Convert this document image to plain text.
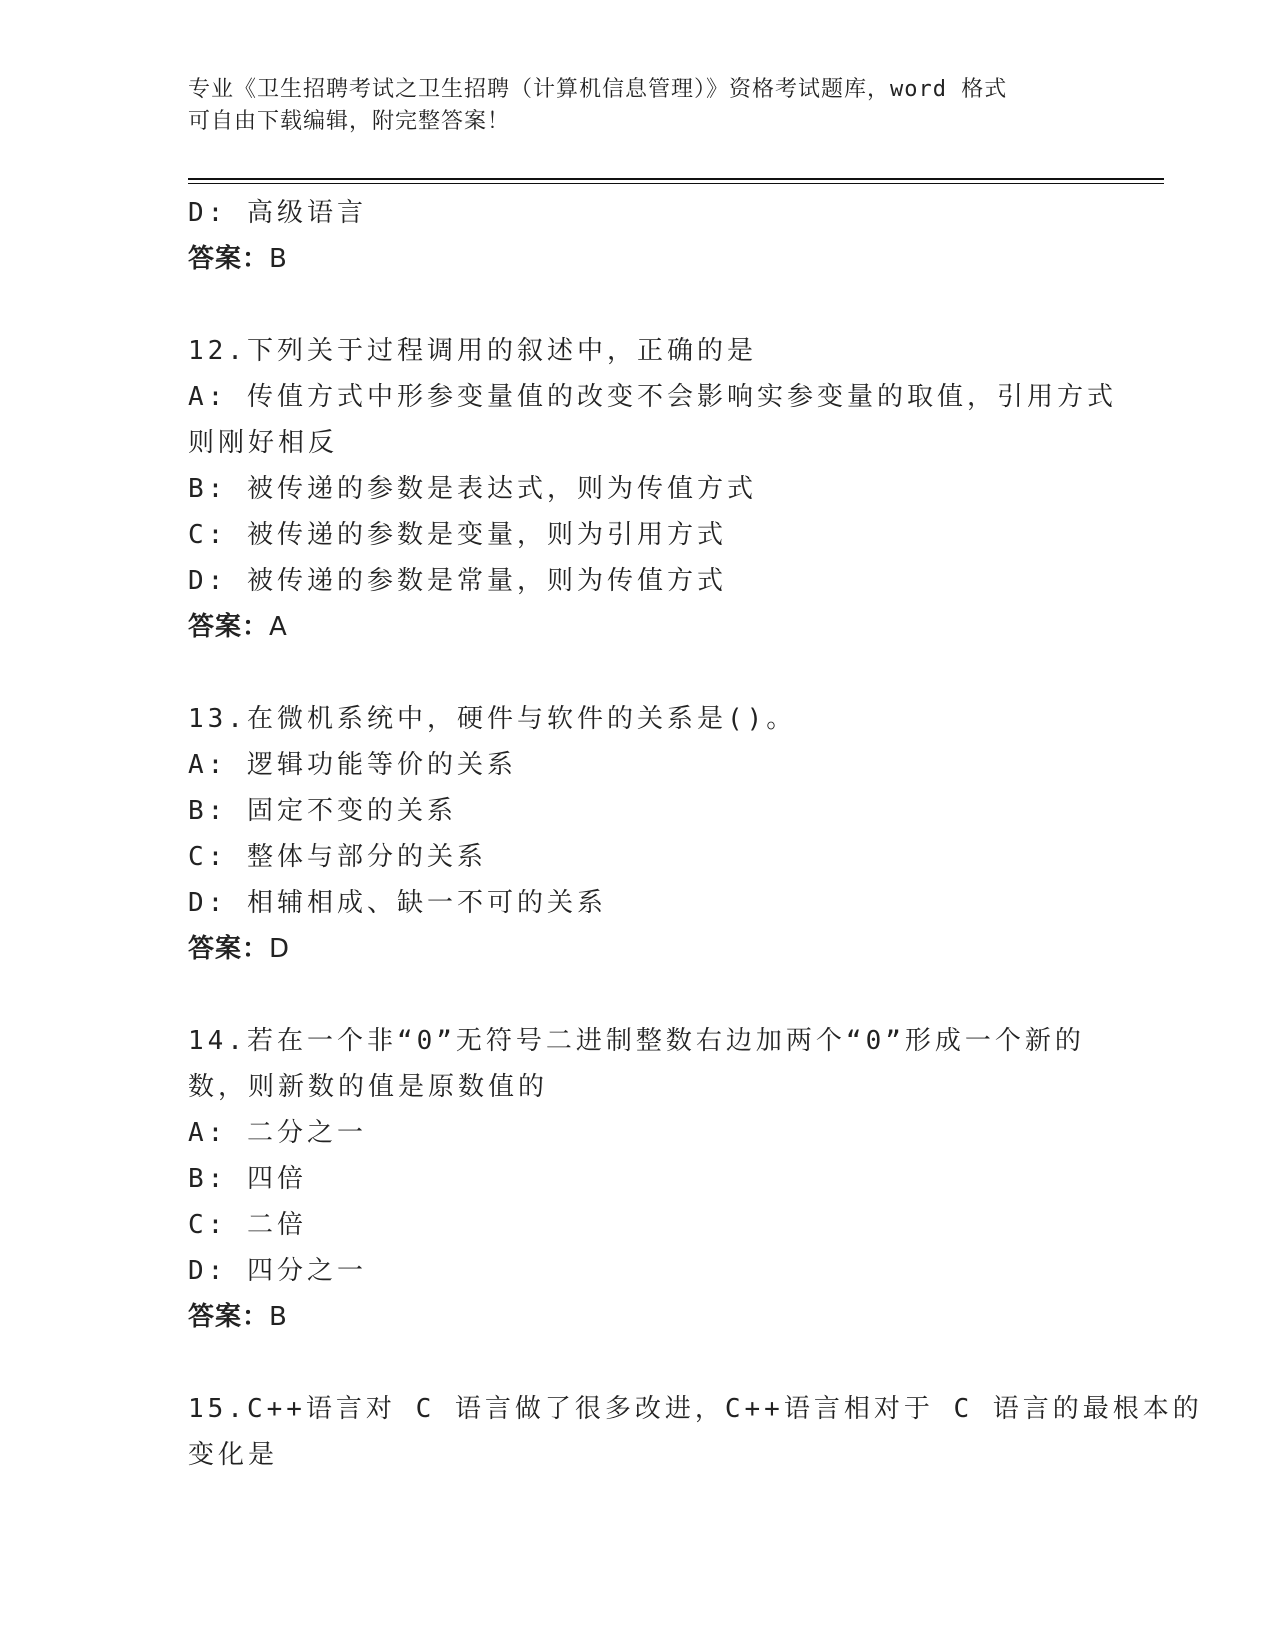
专业《卫生招聘考试之卫生招聘（计算机信息管理）》资格考试题库，word 格式
可自由下载编辑，附完整答案！
D: 高级语言
答案：B
12.下列关于过程调用的叙述中，正确的是
A: 传值方式中形参变量值的改变不会影响实参变量的取值，引用方式
则刚好相反
B: 被传递的参数是表达式，则为传值方式
C: 被传递的参数是变量，则为引用方式
D: 被传递的参数是常量，则为传值方式
答案：A
13.在微机系统中，硬件与软件的关系是()。
A: 逻辑功能等价的关系
B: 固定不变的关系
C: 整体与部分的关系
D: 相辅相成、缺一不可的关系
答案：D
14.若在一个非“0”无符号二进制整数右边加两个“0”形成一个新的
数，则新数的值是原数值的
A: 二分之一
B: 四倍
C: 二倍
D: 四分之一
答案：B
15.C++语言对 C 语言做了很多改进，C++语言相对于 C 语言的最根本的
变化是
